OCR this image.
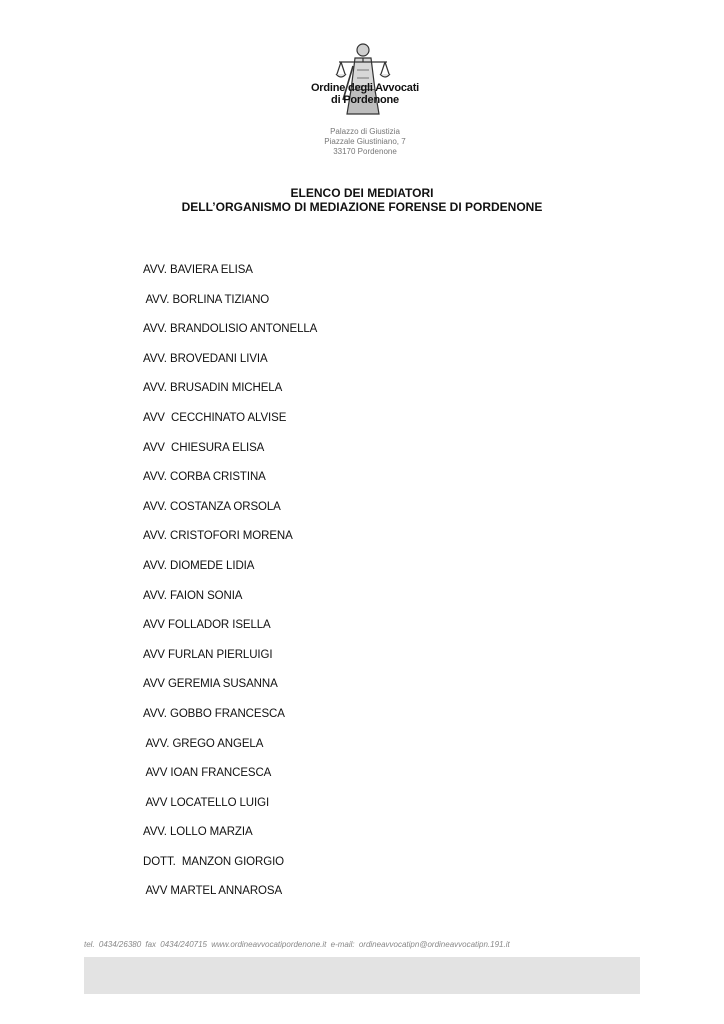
Ordine degli Avvocati
di Pordenone
Palazzo di Giustizia
Piazzale Giustiniano, 7
33170 Pordenone
ELENCO DEI MEDIATORI
DELL’ORGANISMO DI MEDIAZIONE FORENSE DI PORDENONE
AVV. BAVIERA ELISA
AVV. BORLINA TIZIANO
AVV. BRANDOLISIO ANTONELLA
AVV. BROVEDANI LIVIA
AVV. BRUSADIN MICHELA
AVV  CECCHINATO ALVISE
AVV  CHIESURA ELISA
AVV. CORBA CRISTINA
AVV. COSTANZA ORSOLA
AVV. CRISTOFORI MORENA
AVV. DIOMEDE LIDIA
AVV. FAION SONIA
AVV FOLLADOR ISELLA
AVV FURLAN PIERLUIGI
AVV GEREMIA SUSANNA
AVV. GOBBO FRANCESCA
AVV. GREGO ANGELA
AVV IOAN FRANCESCA
AVV LOCATELLO LUIGI
AVV. LOLLO MARZIA
DOTT.  MANZON GIORGIO
AVV MARTEL ANNAROSA
tel. 0434/26380 fax 0434/240715 www.ordineavvocatipordenone.it e-mail: ordineavvocatipn@ordineavvocatipn.191.it
